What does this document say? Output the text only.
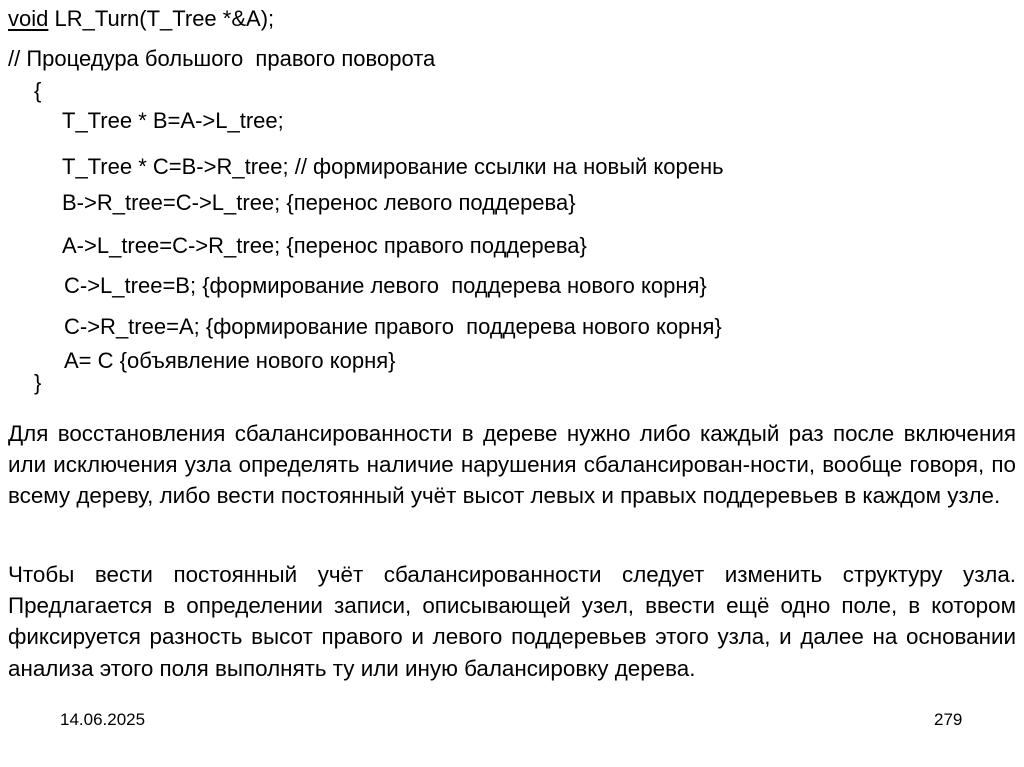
void LR_Turn(T_Tree *&A);
// Процедура большого  правого поворота
{
T_Tree * B=A->L_tree;
T_Tree * C=B->R_tree; // формирование ссылки на новый корень
B->R_tree=C->L_tree; {перенос левого поддерева}
A->L_tree=C->R_tree; {перенос правого поддерева}
C->L_tree=B; {формирование левого  поддерева нового корня}
C->R_tree=A; {формирование правого  поддерева нового корня}
A= C {объявление нового корня}
}
Для восстановления сбалансированности в дереве нужно либо каждый раз после включения или исключения узла определять наличие нарушения сбалансирован-ности, вообще говоря, по всему дереву, либо вести постоянный учёт высот левых и правых поддеревьев в каждом узле.
Чтобы вести постоянный учёт сбалансированности следует изменить структуру узла. Предлагается в определении записи, описывающей узел, ввести ещё одно поле, в котором фиксируется разность высот правого и левого поддеревьев этого узла, и далее на основании анализа этого поля выполнять ту или иную балансировку дерева.
14.06.2025	279
